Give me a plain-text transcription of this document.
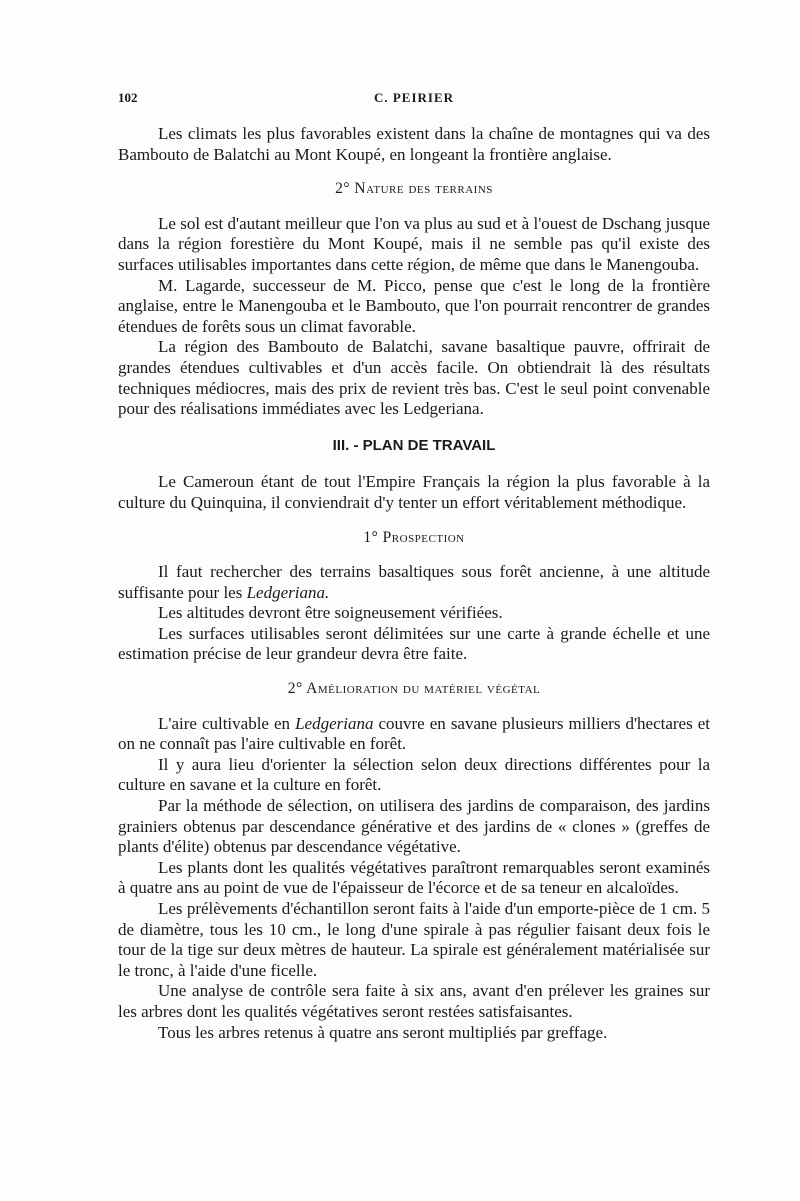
102	C. PEIRIER

Les climats les plus favorables existent dans la chaîne de montagnes qui va des Bambouto de Balatchi au Mont Koupé, en longeant la frontière anglaise.

2° Nature des terrains

Le sol est d'autant meilleur que l'on va plus au sud et à l'ouest de Dschang jusque dans la région forestière du Mont Koupé, mais il ne semble pas qu'il existe des surfaces utilisables importantes dans cette région, de même que dans le Manengouba.

M. Lagarde, successeur de M. Picco, pense que c'est le long de la frontière anglaise, entre le Manengouba et le Bambouto, que l'on pourrait rencontrer de grandes étendues de forêts sous un climat favorable.

La région des Bambouto de Balatchi, savane basaltique pauvre, offrirait de grandes étendues cultivables et d'un accès facile. On obtiendrait là des résultats techniques médiocres, mais des prix de revient très bas. C'est le seul point convenable pour des réalisations immédiates avec les Ledgeriana.

III. - PLAN DE TRAVAIL

Le Cameroun étant de tout l'Empire Français la région la plus favorable à la culture du Quinquina, il conviendrait d'y tenter un effort véritablement méthodique.

1° Prospection

Il faut rechercher des terrains basaltiques sous forêt ancienne, à une altitude suffisante pour les Ledgeriana.

Les altitudes devront être soigneusement vérifiées.

Les surfaces utilisables seront délimitées sur une carte à grande échelle et une estimation précise de leur grandeur devra être faite.

2° Amélioration du matériel végétal

L'aire cultivable en Ledgeriana couvre en savane plusieurs milliers d'hectares et on ne connaît pas l'aire cultivable en forêt.

Il y aura lieu d'orienter la sélection selon deux directions différentes pour la culture en savane et la culture en forêt.

Par la méthode de sélection, on utilisera des jardins de comparaison, des jardins grainiers obtenus par descendance générative et des jardins de « clones » (greffes de plants d'élite) obtenus par descendance végétative.

Les plants dont les qualités végétatives paraîtront remarquables seront examinés à quatre ans au point de vue de l'épaisseur de l'écorce et de sa teneur en alcaloïdes.

Les prélèvements d'échantillon seront faits à l'aide d'un emporte-pièce de 1 cm. 5 de diamètre, tous les 10 cm., le long d'une spirale à pas régulier faisant deux fois le tour de la tige sur deux mètres de hauteur. La spirale est généralement matérialisée sur le tronc, à l'aide d'une ficelle.

Une analyse de contrôle sera faite à six ans, avant d'en prélever les graines sur les arbres dont les qualités végétatives seront restées satisfaisantes.

Tous les arbres retenus à quatre ans seront multipliés par greffage.
